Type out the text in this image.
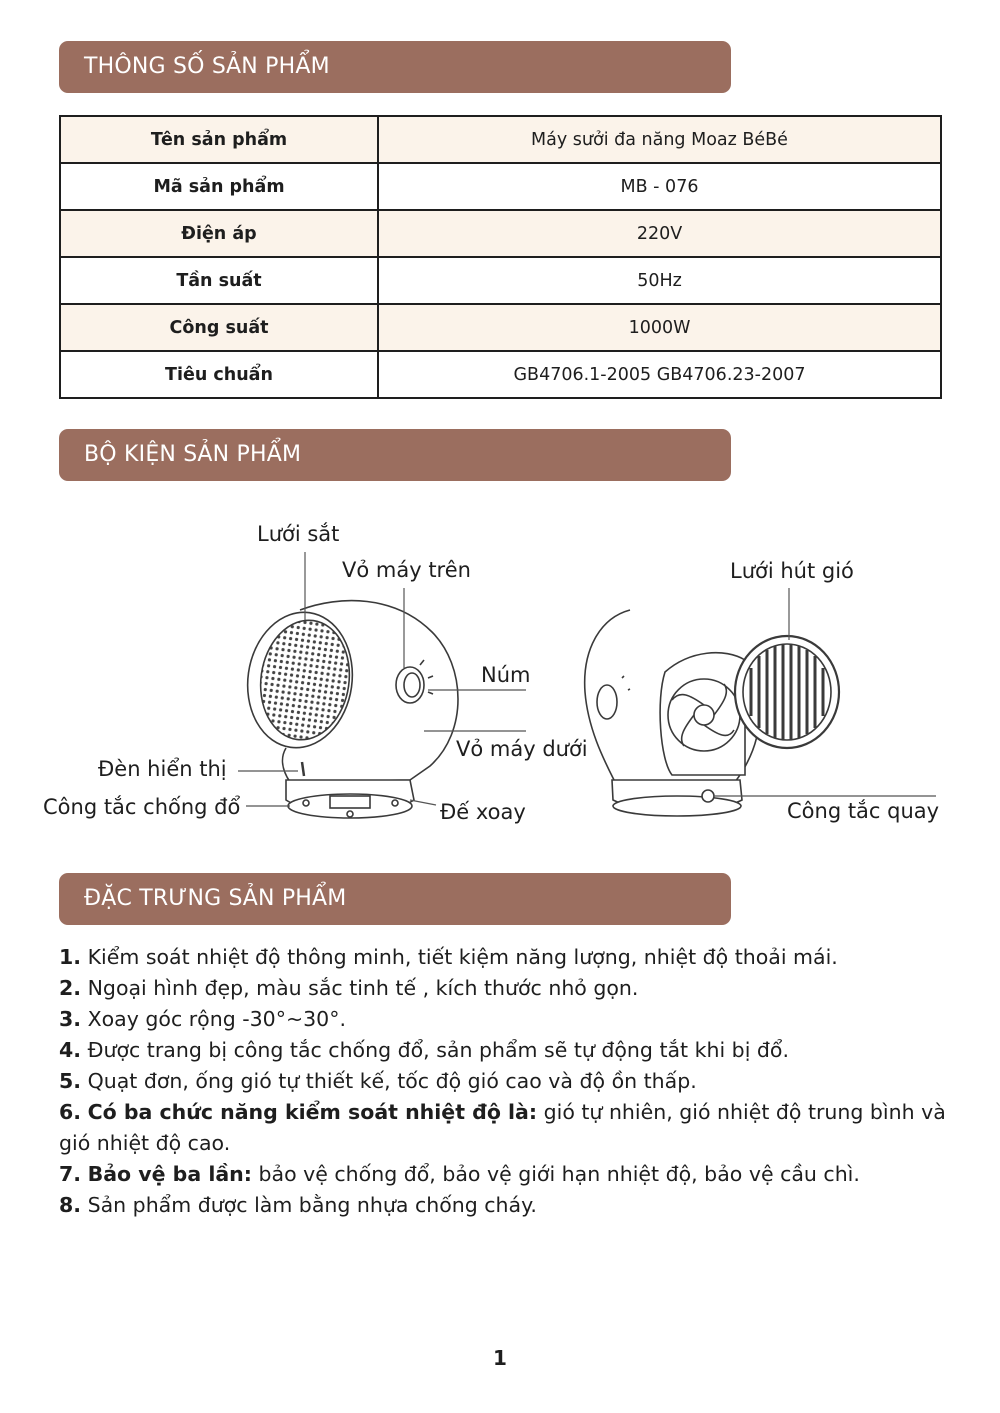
THÔNG SỐ SẢN PHẨM
Tên sản phẩm	Máy sưởi đa năng Moaz BéBé
Mã sản phẩm	MB - 076
Điện áp	220V
Tần suất	50Hz
Công suất	1000W
Tiêu chuẩn	GB4706.1-2005 GB4706.23-2007
BỘ KIỆN SẢN PHẨM
Lưới sắt
Vỏ máy trên
Núm
Vỏ máy dưới
Đèn hiển thị
Công tắc chống đổ	Đế xoay
Lưới hút gió
Công tắc quay
ĐẶC TRƯNG SẢN PHẨM
1. Kiểm soát nhiệt độ thông minh, tiết kiệm năng lượng, nhiệt độ thoải mái.
2. Ngoại hình đẹp, màu sắc tinh tế , kích thước nhỏ gọn.
3. Xoay góc rộng -30°~30°.
4. Được trang bị công tắc chống đổ, sản phẩm sẽ tự động tắt khi bị đổ.
5. Quạt đơn, ống gió tự thiết kế, tốc độ gió cao và độ ồn thấp.
6. Có ba chức năng kiểm soát nhiệt độ là: gió tự nhiên, gió nhiệt độ trung bình và gió nhiệt độ cao.
7. Bảo vệ ba lần: bảo vệ chống đổ, bảo vệ giới hạn nhiệt độ, bảo vệ cầu chì.
8. Sản phẩm được làm bằng nhựa chống cháy.
1
